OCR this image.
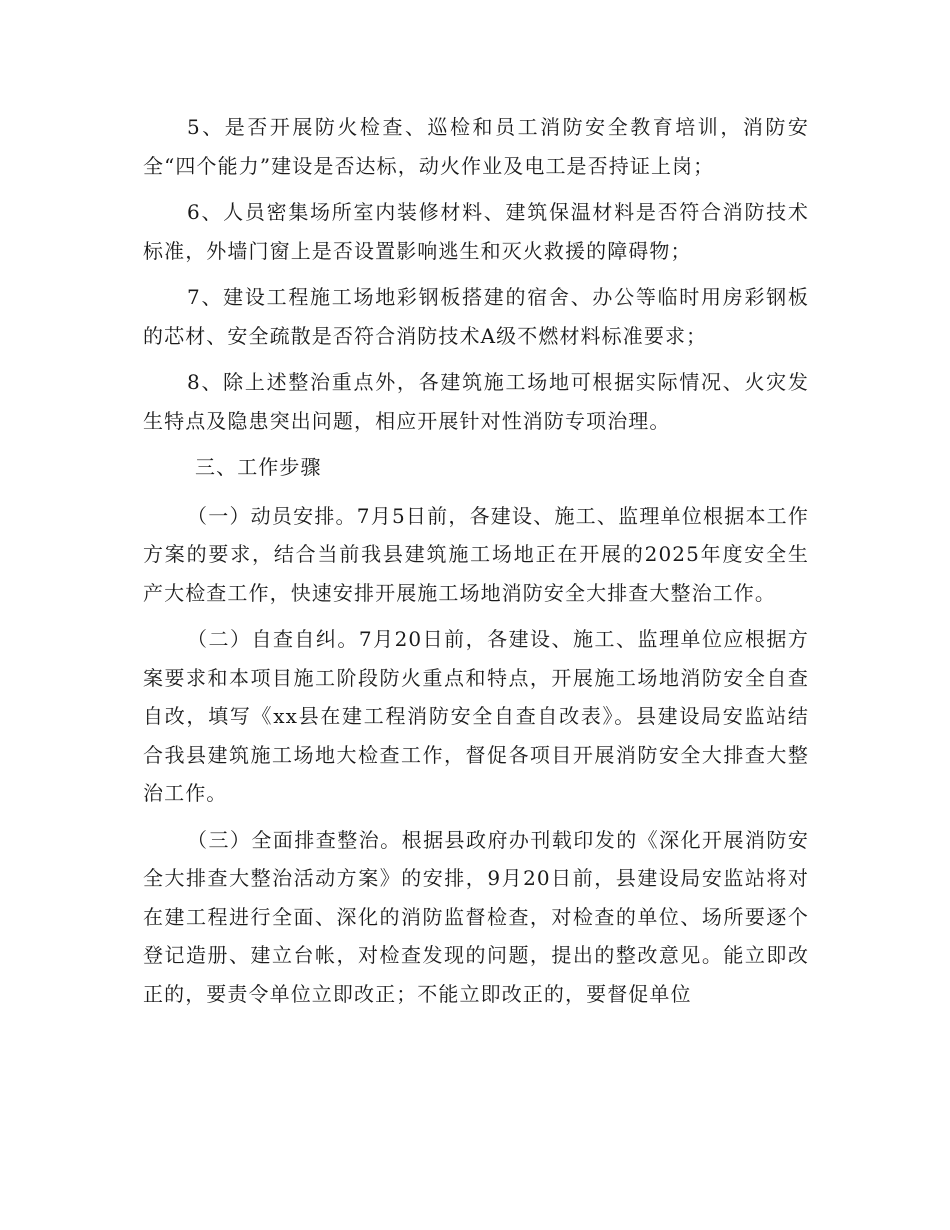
5、是否开展防火检查、巡检和员工消防安全教育培训，消防安全“四个能力”建设是否达标，动火作业及电工是否持证上岗；

6、人员密集场所室内装修材料、建筑保温材料是否符合消防技术标准，外墙门窗上是否设置影响逃生和灭火救援的障碍物；

7、建设工程施工场地彩钢板搭建的宿舍、办公等临时用房彩钢板的芯材、安全疏散是否符合消防技术A级不燃材料标准要求；

8、除上述整治重点外，各建筑施工场地可根据实际情况、火灾发生特点及隐患突出问题，相应开展针对性消防专项治理。

三、工作步骤

（一）动员安排。7月5日前，各建设、施工、监理单位根据本工作方案的要求，结合当前我县建筑施工场地正在开展的2025年度安全生产大检查工作，快速安排开展施工场地消防安全大排查大整治工作。

（二）自查自纠。7月20日前，各建设、施工、监理单位应根据方案要求和本项目施工阶段防火重点和特点，开展施工场地消防安全自查自改，填写《xx县在建工程消防安全自查自改表》。县建设局安监站结合我县建筑施工场地大检查工作，督促各项目开展消防安全大排查大整治工作。

（三）全面排查整治。根据县政府办刊载印发的《深化开展消防安全大排查大整治活动方案》的安排，9月20日前，县建设局安监站将对在建工程进行全面、深化的消防监督检查，对检查的单位、场所要逐个登记造册、建立台帐，对检查发现的问题，提出的整改意见。能立即改正的，要责令单位立即改正；不能立即改正的，要督促单位
